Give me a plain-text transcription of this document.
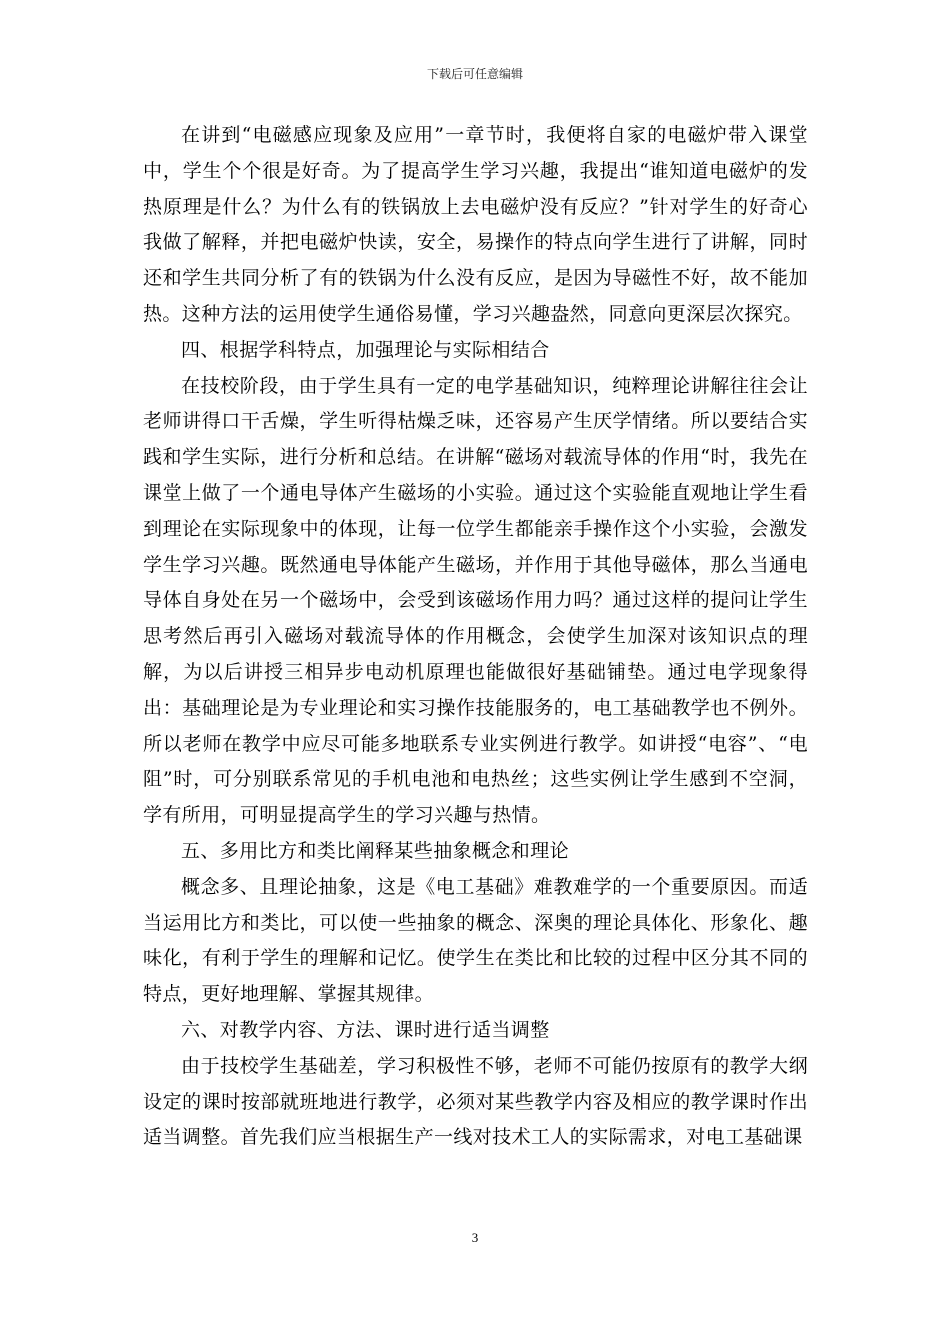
下载后可任意编辑

在讲到“电磁感应现象及应用”一章节时，我便将自家的电磁炉带入课堂中，学生个个很是好奇。为了提高学生学习兴趣，我提出“谁知道电磁炉的发热原理是什么？为什么有的铁锅放上去电磁炉没有反应？”针对学生的好奇心我做了解释，并把电磁炉快读，安全，易操作的特点向学生进行了讲解，同时还和学生共同分析了有的铁锅为什么没有反应，是因为导磁性不好，故不能加热。这种方法的运用使学生通俗易懂，学习兴趣盎然，同意向更深层次探究。

四、根据学科特点，加强理论与实际相结合

在技校阶段，由于学生具有一定的电学基础知识，纯粹理论讲解往往会让老师讲得口干舌燥，学生听得枯燥乏味，还容易产生厌学情绪。所以要结合实践和学生实际，进行分析和总结。在讲解“磁场对载流导体的作用“时，我先在课堂上做了一个通电导体产生磁场的小实验。通过这个实验能直观地让学生看到理论在实际现象中的体现，让每一位学生都能亲手操作这个小实验，会激发学生学习兴趣。既然通电导体能产生磁场，并作用于其他导磁体，那么当通电导体自身处在另一个磁场中，会受到该磁场作用力吗？通过这样的提问让学生思考然后再引入磁场对载流导体的作用概念，会使学生加深对该知识点的理解，为以后讲授三相异步电动机原理也能做很好基础铺垫。通过电学现象得出：基础理论是为专业理论和实习操作技能服务的，电工基础教学也不例外。所以老师在教学中应尽可能多地联系专业实例进行教学。如讲授“电容”、“电阻”时，可分别联系常见的手机电池和电热丝；这些实例让学生感到不空洞，学有所用，可明显提高学生的学习兴趣与热情。

五、多用比方和类比阐释某些抽象概念和理论

概念多、且理论抽象，这是《电工基础》难教难学的一个重要原因。而适当运用比方和类比，可以使一些抽象的概念、深奥的理论具体化、形象化、趣味化，有利于学生的理解和记忆。使学生在类比和比较的过程中区分其不同的特点，更好地理解、掌握其规律。

六、对教学内容、方法、课时进行适当调整

由于技校学生基础差，学习积极性不够，老师不可能仍按原有的教学大纲设定的课时按部就班地进行教学，必须对某些教学内容及相应的教学课时作出适当调整。首先我们应当根据生产一线对技术工人的实际需求，对电工基础课

3
